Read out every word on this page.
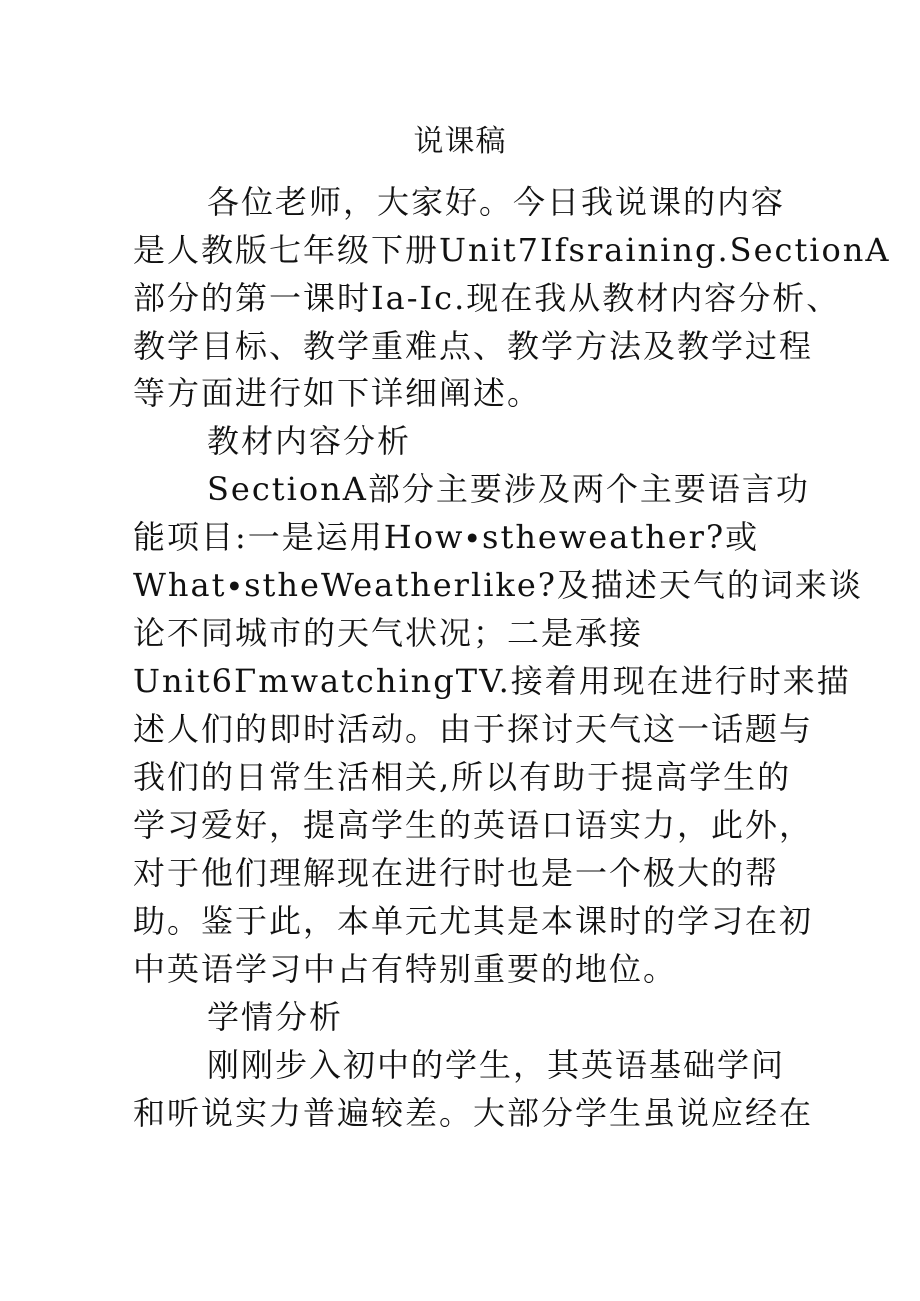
说课稿
各位老师，大家好。今日我说课的内容
是人教版七年级下册Unit7Ifsraining.SectionA
部分的第一课时Ia-Ic.现在我从教材内容分析、
教学目标、教学重难点、教学方法及教学过程
等方面进行如下详细阐述。
教材内容分析
SectionA部分主要涉及两个主要语言功
能项目:一是运用How∙stheweather?或
What∙stheWeatherlike?及描述天气的词来谈
论不同城市的天气状况；二是承接
Unit6ΓmwatchingTV.接着用现在进行时来描
述人们的即时活动。由于探讨天气这一话题与
我们的日常生活相关,所以有助于提高学生的
学习爱好，提高学生的英语口语实力，此外，
对于他们理解现在进行时也是一个极大的帮
助。鉴于此，本单元尤其是本课时的学习在初
中英语学习中占有特别重要的地位。
学情分析
刚刚步入初中的学生，其英语基础学问
和听说实力普遍较差。大部分学生虽说应经在
